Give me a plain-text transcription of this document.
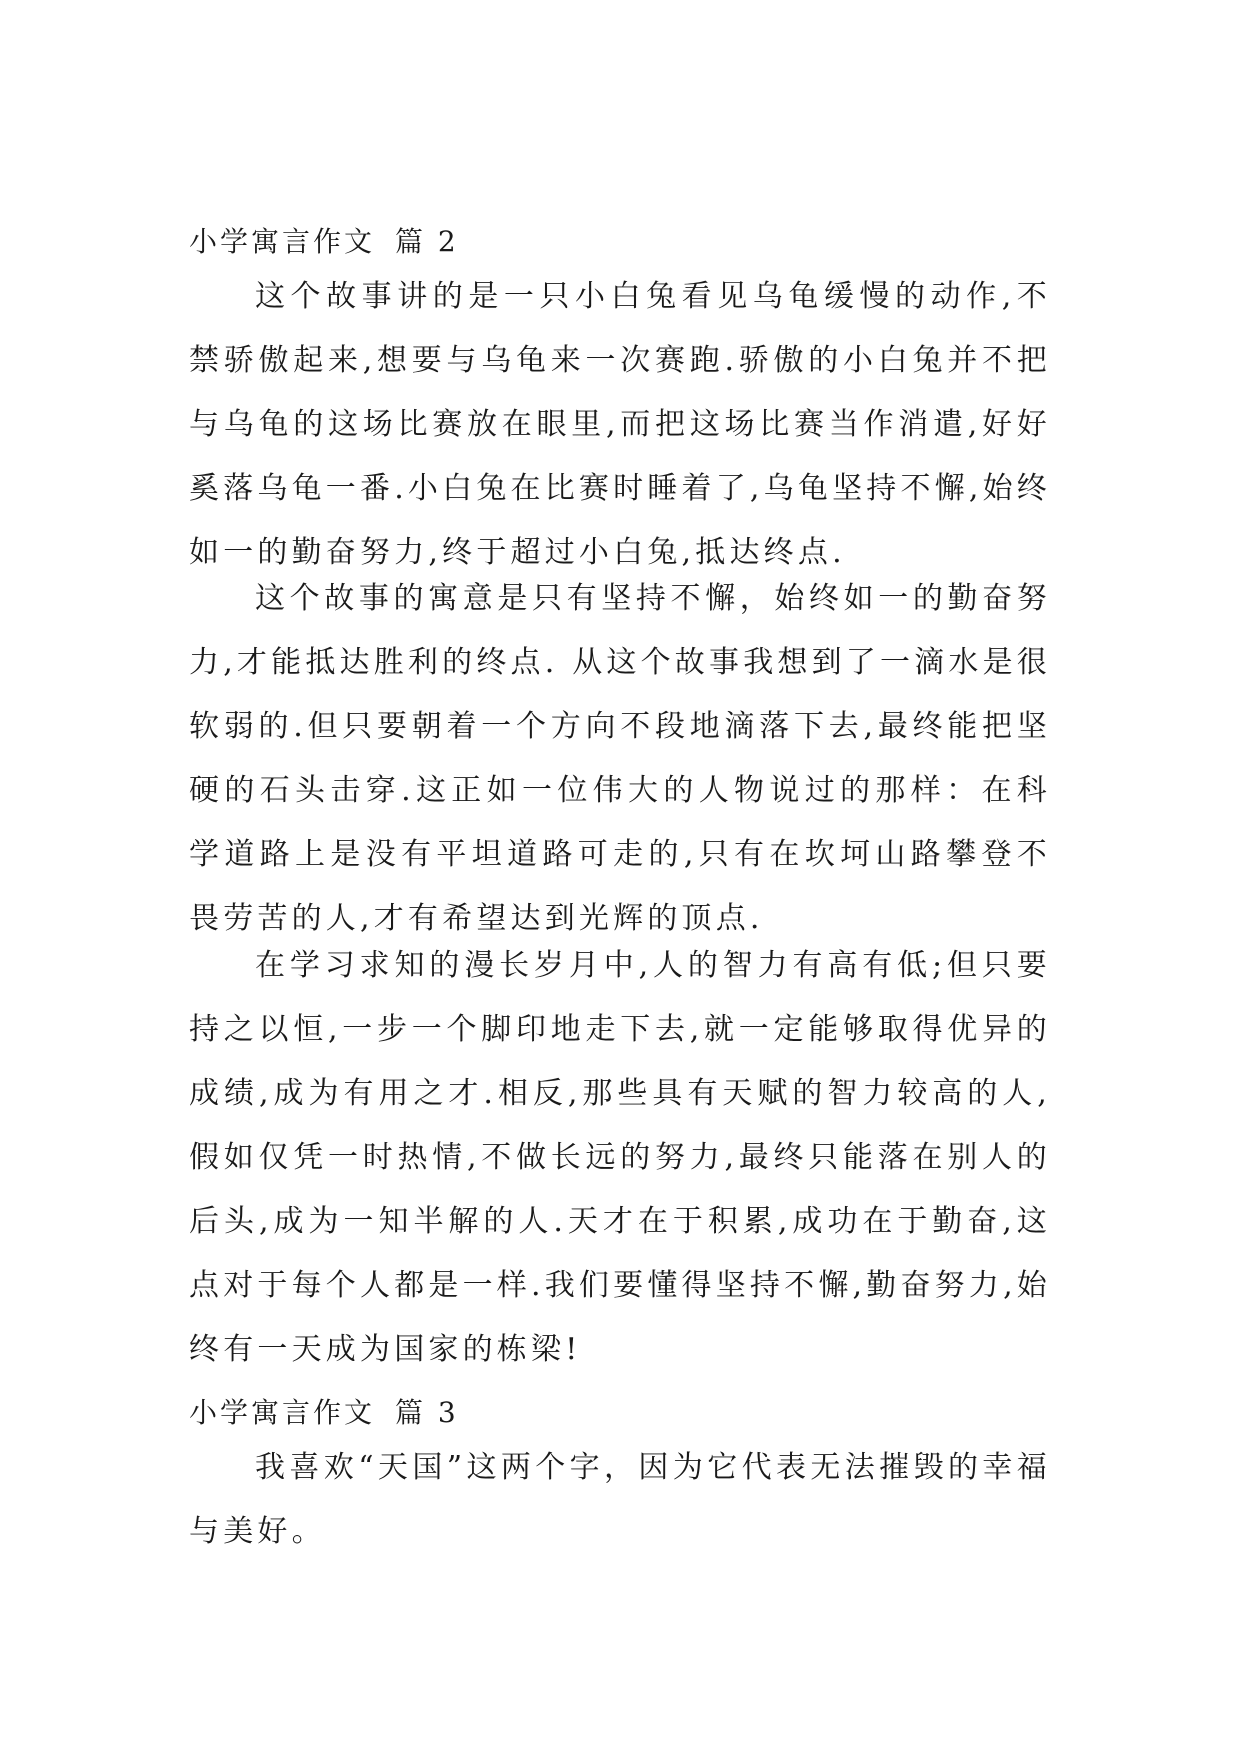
小学寓言作文 篇 2

这个故事讲的是一只小白兔看见乌龟缓慢的动作,不禁骄傲起来,想要与乌龟来一次赛跑.骄傲的小白兔并不把与乌龟的这场比赛放在眼里,而把这场比赛当作消遣,好好奚落乌龟一番.小白兔在比赛时睡着了,乌龟坚持不懈,始终如一的勤奋努力,终于超过小白兔,抵达终点.

这个故事的寓意是只有坚持不懈，始终如一的勤奋努力,才能抵达胜利的终点. 从这个故事我想到了一滴水是很软弱的.但只要朝着一个方向不段地滴落下去,最终能把坚硬的石头击穿.这正如一位伟大的人物说过的那样：在科学道路上是没有平坦道路可走的,只有在坎坷山路攀登不畏劳苦的人,才有希望达到光辉的顶点.

在学习求知的漫长岁月中,人的智力有高有低;但只要持之以恒,一步一个脚印地走下去,就一定能够取得优异的成绩,成为有用之才.相反,那些具有天赋的智力较高的人,假如仅凭一时热情,不做长远的努力,最终只能落在别人的后头,成为一知半解的人.天才在于积累,成功在于勤奋,这点对于每个人都是一样.我们要懂得坚持不懈,勤奋努力,始终有一天成为国家的栋梁!

小学寓言作文 篇 3

我喜欢“天国”这两个字，因为它代表无法摧毁的幸福与美好。
